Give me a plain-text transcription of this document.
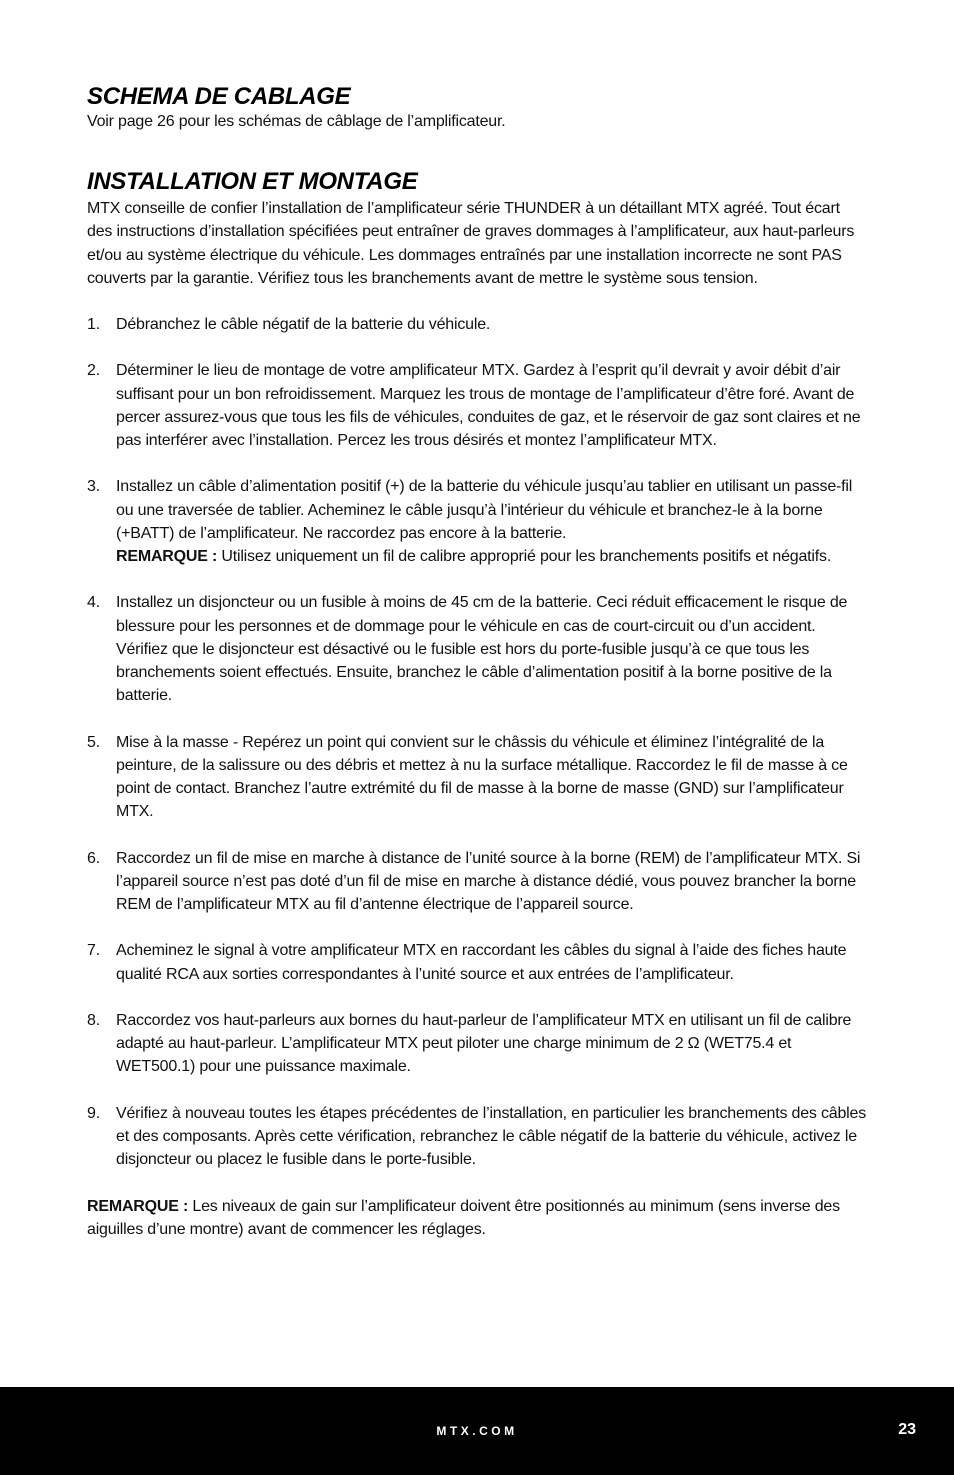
SCHEMA DE CABLAGE

Voir page 26 pour les schémas de câblage de l’amplificateur.

INSTALLATION ET MONTAGE

MTX conseille de confier l’installation de l’amplificateur série THUNDER à un détaillant MTX agréé. Tout écart des instructions d’installation spécifiées peut entraîner de graves dommages à l’amplificateur, aux haut-parleurs et/ou au système électrique du véhicule. Les dommages entraînés par une installation incorrecte ne sont PAS couverts par la garantie. Vérifiez tous les branchements avant de mettre le système sous tension.

1. Débranchez le câble négatif de la batterie du véhicule.
2. Déterminer le lieu de montage de votre amplificateur MTX. Gardez à l’esprit qu’il devrait y avoir débit d’air suffisant pour un bon refroidissement. Marquez les trous de montage de l’amplificateur d’être foré. Avant de percer assurez-vous que tous les fils de véhicules, conduites de gaz, et le réservoir de gaz sont claires et ne pas interférer avec l’installation. Percez les trous désirés et montez l’amplificateur MTX.
3. Installez un câble d’alimentation positif (+) de la batterie du véhicule jusqu’au tablier en utilisant un passe-fil ou une traversée de tablier. Acheminez le câble jusqu’à l’intérieur du véhicule et branchez-le à la borne (+BATT) de l’amplificateur. Ne raccordez pas encore à la batterie.
REMARQUE : Utilisez uniquement un fil de calibre approprié pour les branchements positifs et négatifs.
4. Installez un disjoncteur ou un fusible à moins de 45 cm de la batterie. Ceci réduit efficacement le risque de blessure pour les personnes et de dommage pour le véhicule en cas de court-circuit ou d’un accident. Vérifiez que le disjoncteur est désactivé ou le fusible est hors du porte-fusible jusqu’à ce que tous les branchements soient effectués. Ensuite, branchez le câble d’alimentation positif à la borne positive de la batterie.
5. Mise à la masse - Repérez un point qui convient sur le châssis du véhicule et éliminez l’intégralité de la peinture, de la salissure ou des débris et mettez à nu la surface métallique. Raccordez le fil de masse à ce point de contact. Branchez l’autre extrémité du fil de masse à la borne de masse (GND) sur l’amplificateur MTX.
6. Raccordez un fil de mise en marche à distance de l’unité source à la borne (REM) de l’amplificateur MTX. Si l’appareil source n’est pas doté d’un fil de mise en marche à distance dédié, vous pouvez brancher la borne REM de l’amplificateur MTX au fil d’antenne électrique de l’appareil source.
7. Acheminez le signal à votre amplificateur MTX en raccordant les câbles du signal à l’aide des fiches haute qualité RCA aux sorties correspondantes à l’unité source et aux entrées de l’amplificateur.
8. Raccordez vos haut-parleurs aux bornes du haut-parleur de l’amplificateur MTX en utilisant un fil de calibre adapté au haut-parleur. L’amplificateur MTX peut piloter une charge minimum de 2 Ω (WET75.4 et WET500.1) pour une puissance maximale.
9. Vérifiez à nouveau toutes les étapes précédentes de l’installation, en particulier les branchements des câbles et des composants. Après cette vérification, rebranchez le câble négatif de la batterie du véhicule, activez le disjoncteur ou placez le fusible dans le porte-fusible.

REMARQUE : Les niveaux de gain sur l’amplificateur doivent être positionnés au minimum (sens inverse des aiguilles d’une montre) avant de commencer les réglages.

MTX.COM	23
